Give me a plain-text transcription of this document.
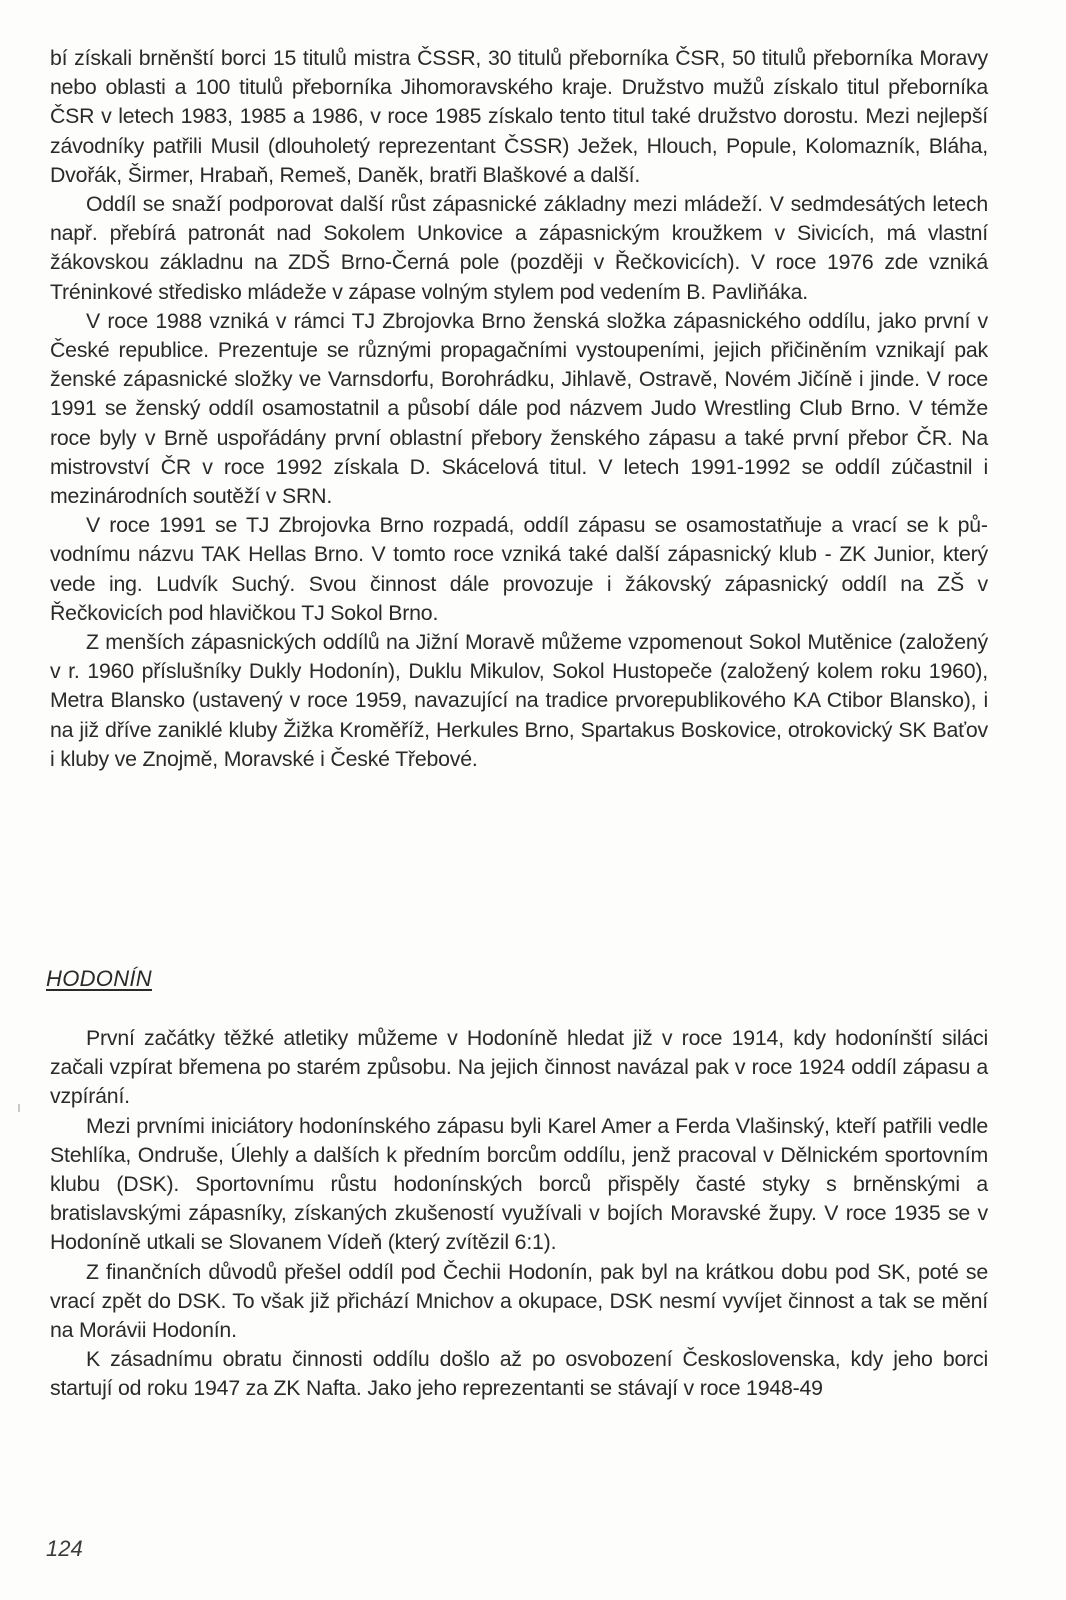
bí získali brněnští borci 15 titulů mistra ČSSR, 30 titulů přeborníka ČSR, 50 titulů přeborníka Moravy nebo oblasti a 100 titulů přeborníka Jihomoravského kraje. Družstvo mužů získalo titul přeborníka ČSR v letech 1983, 1985 a 1986, v roce 1985 získalo tento titul také družstvo dorostu. Mezi nejlepší závodníky patřili Musil (dlouholetý reprezentant ČSSR) Ježek, Hlouch, Popule, Kolomazník, Bláha, Dvořák, Širmer, Hrabaň, Remeš, Daněk, bratři Blaškové a další.

Oddíl se snaží podporovat další růst zápasnické základny mezi mládeží. V sedmdesátých letech např. přebírá patronát nad Sokolem Unkovice a zápasnickým kroužkem v Sivicích, má vlastní žákovskou základnu na ZDŠ Brno-Černá pole (později v Řečkovicích). V roce 1976 zde vzniká Tréninkové středisko mládeže v zápase volným stylem pod vedením B. Pavliňáka.

V roce 1988 vzniká v rámci TJ Zbrojovka Brno ženská složka zápasnického oddílu, jako první v České republice. Prezentuje se různými propagačními vystoupeními, jejich přičiněním vznikají pak ženské zápasnické složky ve Varnsdorfu, Borohrádku, Jihlavě, Ostravě, Novém Jičíně i jinde. V roce 1991 se ženský oddíl osamostatnil a působí dále pod názvem Judo Wrestling Club Brno. V témže roce byly v Brně uspořádány první oblastní přebory ženského zápasu a také první přebor ČR. Na mistrovství ČR v roce 1992 získala D. Skácelová titul. V letech 1991-1992 se oddíl zúčastnil i mezinárodních soutěží v SRN.

V roce 1991 se TJ Zbrojovka Brno rozpadá, oddíl zápasu se osamostatňuje a vrací se k původnímu názvu TAK Hellas Brno. V tomto roce vzniká také další zápasnický klub - ZK Junior, který vede ing. Ludvík Suchý. Svou činnost dále provozuje i žákovský zápasnický oddíl na ZŠ v Řečkovicích pod hlavičkou TJ Sokol Brno.

Z menších zápasnických oddílů na Jižní Moravě můžeme vzpomenout Sokol Mutěnice (založený v r. 1960 příslušníky Dukly Hodonín), Duklu Mikulov, Sokol Hustopeče (založený kolem roku 1960), Metra Blansko (ustavený v roce 1959, navazující na tradice prvorepublikového KA Ctibor Blansko), i na již dříve zaniklé kluby Žižka Kroměříž, Herkules Brno, Spartakus Boskovice, otrokovický SK Baťov i kluby ve Znojmě, Moravské i České Třebové.

HODONÍN

První začátky těžké atletiky můžeme v Hodoníně hledat již v roce 1914, kdy hodonínští siláci začali vzpírat břemena po starém způsobu. Na jejich činnost navázal pak v roce 1924 oddíl zápasu a vzpírání.

Mezi prvními iniciátory hodonínského zápasu byli Karel Amer a Ferda Vlašinský, kteří patřili vedle Stehlíka, Ondruše, Úlehly a dalších k předním borcům oddílu, jenž pracoval v Dělnickém sportovním klubu (DSK). Sportovnímu růstu hodonínských borců přispěly časté styky s brněnskými a bratislavskými zápasníky, získaných zkušeností využívali v bojích Moravské župy. V roce 1935 se v Hodoníně utkali se Slovanem Vídeň (který zvítězil 6:1).

Z finančních důvodů přešel oddíl pod Čechii Hodonín, pak byl na krátkou dobu pod SK, poté se vrací zpět do DSK. To však již přichází Mnichov a okupace, DSK nesmí vyvíjet činnost a tak se mění na Morávii Hodonín.

K zásadnímu obratu činnosti oddílu došlo až po osvobození Československa, kdy jeho borci startují od roku 1947 za ZK Nafta. Jako jeho reprezentanti se stávají v roce 1948-49

124
